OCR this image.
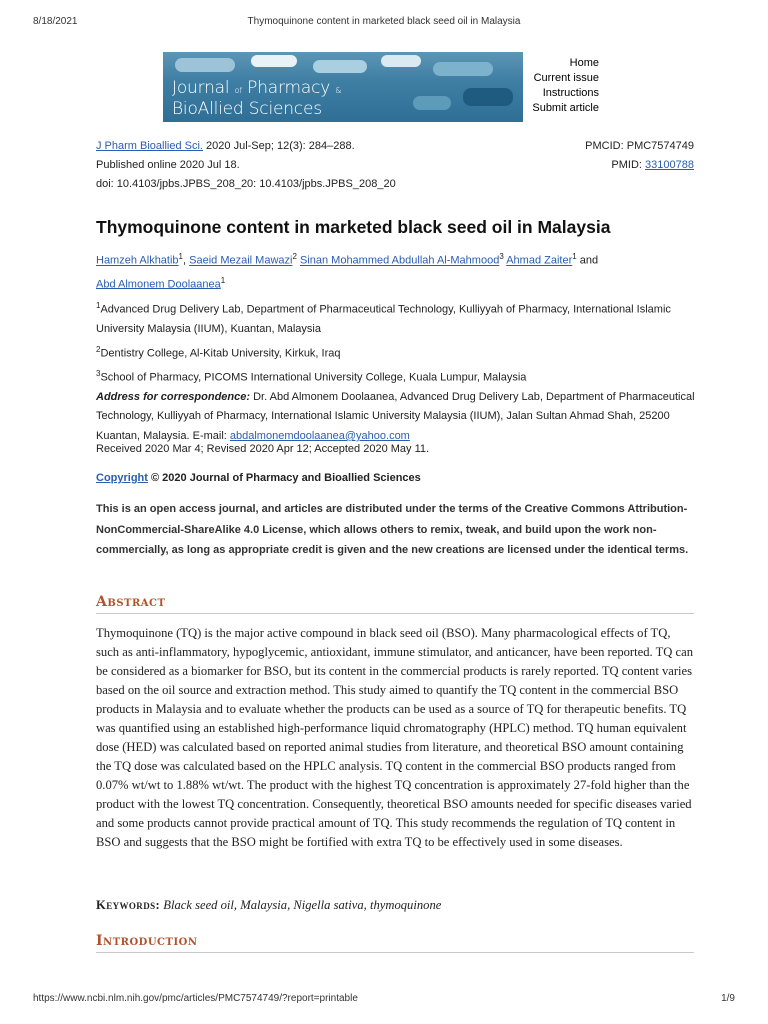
8/18/2021	Thymoquinone content in marketed black seed oil in Malaysia
Journal of Pharmacy &
BioAllied Sciences
Home
Current issue
Instructions
Submit article
J Pharm Bioallied Sci. 2020 Jul-Sep; 12(3): 284–288.
Published online 2020 Jul 18.
doi: 10.4103/jpbs.JPBS_208_20: 10.4103/jpbs.JPBS_208_20
PMCID: PMC7574749
PMID: 33100788
Thymoquinone content in marketed black seed oil in Malaysia
Hamzeh Alkhatib$^1$, Saeid Mezail Mawazi$^2$ Sinan Mohammed Abdullah Al-Mahmood$^3$ Ahmad Zaiter$^1$ and
Abd Almonem Doolaanea$^1$
$^1$Advanced Drug Delivery Lab, Department of Pharmaceutical Technology, Kulliyyah of Pharmacy, International Islamic University Malaysia (IIUM), Kuantan, Malaysia
$^2$Dentistry College, Al-Kitab University, Kirkuk, Iraq
$^3$School of Pharmacy, PICOMS International University College, Kuala Lumpur, Malaysia
Address for correspondence: Dr. Abd Almonem Doolaanea, Advanced Drug Delivery Lab, Department of Pharmaceutical Technology, Kulliyyah of Pharmacy, International Islamic University Malaysia (IIUM), Jalan Sultan Ahmad Shah, 25200 Kuantan, Malaysia. E-mail: abdalmonemdoolaanea@yahoo.com
Received 2020 Mar 4; Revised 2020 Apr 12; Accepted 2020 May 11.
Copyright © 2020 Journal of Pharmacy and Bioallied Sciences
This is an open access journal, and articles are distributed under the terms of the Creative Commons Attribution-NonCommercial-ShareAlike 4.0 License, which allows others to remix, tweak, and build upon the work non-commercially, as long as appropriate credit is given and the new creations are licensed under the identical terms.
Abstract
Thymoquinone (TQ) is the major active compound in black seed oil (BSO). Many pharmacological effects of TQ, such as anti-inflammatory, hypoglycemic, antioxidant, immune stimulator, and anticancer, have been reported. TQ can be considered as a biomarker for BSO, but its content in the commercial products is rarely reported. TQ content varies based on the oil source and extraction method. This study aimed to quantify the TQ content in the commercial BSO products in Malaysia and to evaluate whether the products can be used as a source of TQ for therapeutic benefits. TQ was quantified using an established high-performance liquid chromatography (HPLC) method. TQ human equivalent dose (HED) was calculated based on reported animal studies from literature, and theoretical BSO amount containing the TQ dose was calculated based on the HPLC analysis. TQ content in the commercial BSO products ranged from 0.07% wt/wt to 1.88% wt/wt. The product with the highest TQ concentration is approximately 27-fold higher than the product with the lowest TQ concentration. Consequently, theoretical BSO amounts needed for specific diseases varied and some products cannot provide practical amount of TQ. This study recommends the regulation of TQ content in BSO and suggests that the BSO might be fortified with extra TQ to be effectively used in some diseases.
Keywords: Black seed oil, Malaysia, Nigella sativa, thymoquinone
Introduction
https://www.ncbi.nlm.nih.gov/pmc/articles/PMC7574749/?report=printable	1/9
